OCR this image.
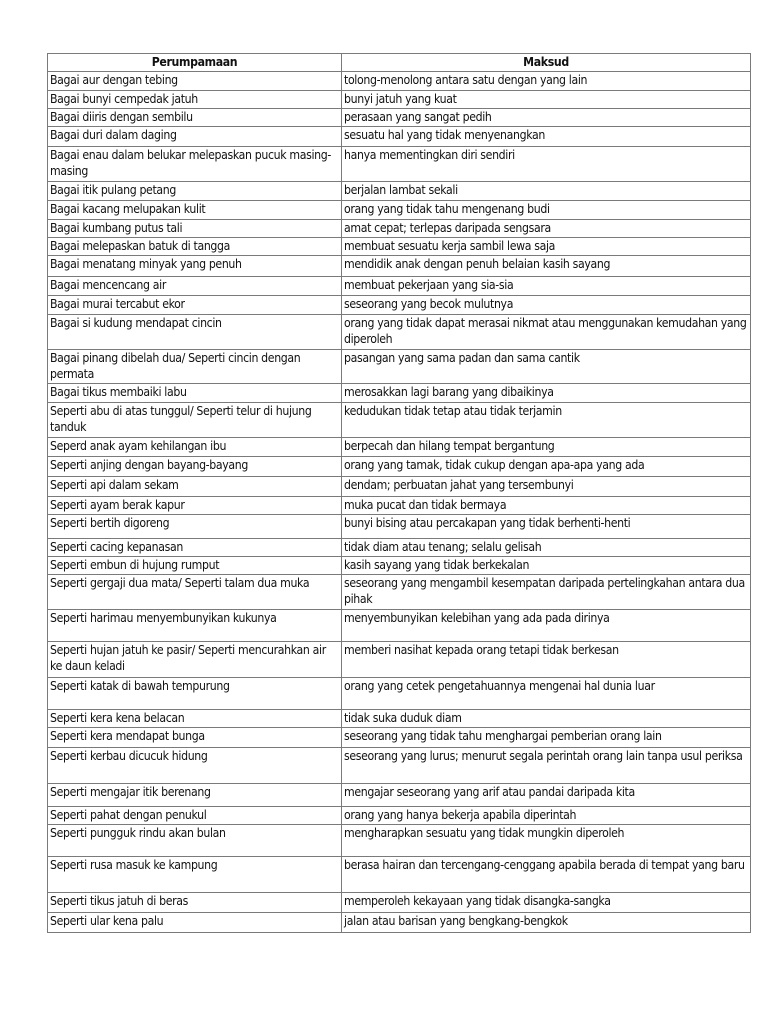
Perumpamaan	Maksud
Bagai aur dengan tebing	tolong-menolong antara satu dengan yang lain
Bagai bunyi cempedak jatuh	bunyi jatuh yang kuat
Bagai diiris dengan sembilu	perasaan yang sangat pedih
Bagai duri dalam daging	sesuatu hal yang tidak menyenangkan
Bagai enau dalam belukar melepaskan pucuk masing-masing	hanya mementingkan diri sendiri
Bagai itik pulang petang	berjalan lambat sekali
Bagai kacang melupakan kulit	orang yang tidak tahu mengenang budi
Bagai kumbang putus tali	amat cepat; terlepas daripada sengsara
Bagai melepaskan batuk di tangga	membuat sesuatu kerja sambil lewa saja
Bagai menatang minyak yang penuh	mendidik anak dengan penuh belaian kasih sayang
Bagai mencencang air	membuat pekerjaan yang sia-sia
Bagai murai tercabut ekor	seseorang yang becok mulutnya
Bagai si kudung mendapat cincin	orang yang tidak dapat merasai nikmat atau menggunakan kemudahan yang diperoleh
Bagai pinang dibelah dua/ Seperti cincin dengan permata	pasangan yang sama padan dan sama cantik
Bagai tikus membaiki labu	merosakkan lagi barang yang dibaikinya
Seperti abu di atas tunggul/ Seperti telur di hujung tanduk	kedudukan tidak tetap atau tidak terjamin
Seperd anak ayam kehilangan ibu	berpecah dan hilang tempat bergantung
Seperti anjing dengan bayang-bayang	orang yang tamak, tidak cukup dengan apa-apa yang ada
Seperti api dalam sekam	dendam; perbuatan jahat yang tersembunyi
Seperti ayam berak kapur	muka pucat dan tidak bermaya
Seperti bertih digoreng	bunyi bising atau percakapan yang tidak berhenti-henti
Seperti cacing kepanasan	tidak diam atau tenang; selalu gelisah
Seperti embun di hujung rumput	kasih sayang yang tidak berkekalan
Seperti gergaji dua mata/ Seperti talam dua muka	seseorang yang mengambil kesempatan daripada pertelingkahan antara dua pihak
Seperti harimau menyembunyikan kukunya	menyembunyikan kelebihan yang ada pada dirinya
Seperti hujan jatuh ke pasir/ Seperti mencurahkan air ke daun keladi	memberi nasihat kepada orang tetapi tidak berkesan
Seperti katak di bawah tempurung	orang yang cetek pengetahuannya mengenai hal dunia luar
Seperti kera kena belacan	tidak suka duduk diam
Seperti kera mendapat bunga	seseorang yang tidak tahu menghargai pemberian orang lain
Seperti kerbau dicucuk hidung	seseorang yang lurus; menurut segala perintah orang lain tanpa usul periksa
Seperti mengajar itik berenang	mengajar seseorang yang arif atau pandai daripada kita
Seperti pahat dengan penukul	orang yang hanya bekerja apabila diperintah
Seperti pungguk rindu akan bulan	mengharapkan sesuatu yang tidak mungkin diperoleh
Seperti rusa masuk ke kampung	berasa hairan dan tercengang-cenggang apabila berada di tempat yang baru
Seperti tikus jatuh di beras	memperoleh kekayaan yang tidak disangka-sangka
Seperti ular kena palu	jalan atau barisan yang bengkang-bengkok
